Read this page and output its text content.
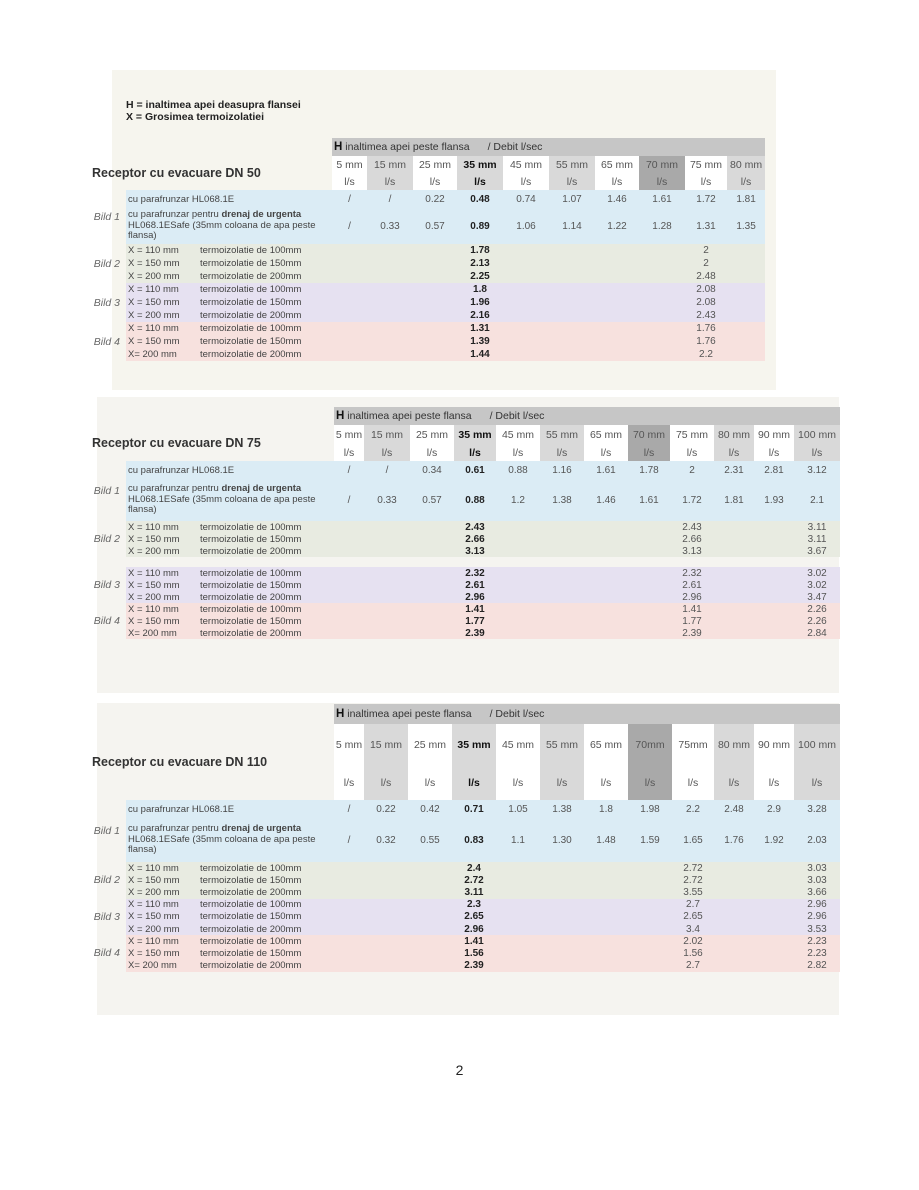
H = inaltimea apei deasupra flansei
X = Grosimea termoizolatiei
			H inaltimea apei peste flansa / Debit l/sec									
Receptor cu evacuare DN 50			5 mm	15 mm	25 mm	35 mm	45 mm	55 mm	65 mm	70 mm	75 mm	80 mm
			l/s	l/s	l/s	l/s	l/s	l/s	l/s	l/s	l/s	l/s
Bild 1	cu parafrunzar HL068.1E		/	/	0.22	0.48	0.74	1.07	1.46	1.61	1.72	1.81
	cu parafrunzar pentru drenaj de urgenta HL068.1ESafe (35mm coloana de apa peste flansa)		/	0.33	0.57	0.89	1.06	1.14	1.22	1.28	1.31	1.35
Bild 2	X = 110 mm	termoizolatie de 100mm				1.78					2	
	X = 150 mm	termoizolatie de 150mm				2.13					2	
	X = 200 mm	termoizolatie de 200mm				2.25					2.48	
Bild 3	X = 110 mm	termoizolatie de 100mm				1.8					2.08	
	X = 150 mm	termoizolatie de 150mm				1.96					2.08	
	X = 200 mm	termoizolatie de 200mm				2.16					2.43	
Bild 4	X = 110 mm	termoizolatie de 100mm				1.31					1.76	
	X = 150 mm	termoizolatie de 150mm				1.39					1.76	
	X= 200 mm	termoizolatie de 200mm				1.44					2.2	
			H inaltimea apei peste flansa / Debit l/sec											
Receptor cu evacuare DN 75			5 mm	15 mm	25 mm	35 mm	45 mm	55 mm	65 mm	70 mm	75 mm	80 mm	90 mm	100 mm
			l/s	l/s	l/s	l/s	l/s	l/s	l/s	l/s	l/s	l/s	l/s	l/s
Bild 1	cu parafrunzar HL068.1E		/	/	0.34	0.61	0.88	1.16	1.61	1.78	2	2.31	2.81	3.12
	cu parafrunzar pentru drenaj de urgenta HL068.1ESafe (35mm coloana de apa peste flansa)		/	0.33	0.57	0.88	1.2	1.38	1.46	1.61	1.72	1.81	1.93	2.1
Bild 2	X = 110 mm	termoizolatie de 100mm				2.43					2.43			3.11
	X = 150 mm	termoizolatie de 150mm				2.66					2.66			3.11
	X = 200 mm	termoizolatie de 200mm				3.13					3.13			3.67

Bild 3	X = 110 mm	termoizolatie de 100mm				2.32					2.32			3.02
	X = 150 mm	termoizolatie de 150mm				2.61					2.61			3.02
	X = 200 mm	termoizolatie de 200mm				2.96					2.96			3.47
Bild 4	X = 110 mm	termoizolatie de 100mm				1.41					1.41			2.26
	X = 150 mm	termoizolatie de 150mm				1.77					1.77			2.26
	X= 200 mm	termoizolatie de 200mm				2.39					2.39			2.84
			H inaltimea apei peste flansa / Debit l/sec											
Receptor cu evacuare DN 110			5 mm	15 mm	25 mm	35 mm	45 mm	55 mm	65 mm	70mm	75mm	80 mm	90 mm	100 mm
			l/s	l/s	l/s	l/s	l/s	l/s	l/s	l/s	l/s	l/s	l/s	l/s
Bild 1	cu parafrunzar HL068.1E		/	0.22	0.42	0.71	1.05	1.38	1.8	1.98	2.2	2.48	2.9	3.28
	cu parafrunzar pentru drenaj de urgenta HL068.1ESafe (35mm coloana de apa peste flansa)		/	0.32	0.55	0.83	1.1	1.30	1.48	1.59	1.65	1.76	1.92	2.03
Bild 2	X = 110 mm	termoizolatie de 100mm				2.4					2.72			3.03
	X = 150 mm	termoizolatie de 150mm				2.72					2.72			3.03
	X = 200 mm	termoizolatie de 200mm				3.11					3.55			3.66
Bild 3	X = 110 mm	termoizolatie de 100mm				2.3					2.7			2.96
	X = 150 mm	termoizolatie de 150mm				2.65					2.65			2.96
	X = 200 mm	termoizolatie de 200mm				2.96					3.4			3.53
Bild 4	X = 110 mm	termoizolatie de 100mm				1.41					2.02			2.23
	X = 150 mm	termoizolatie de 150mm				1.56					1.56			2.23
	X= 200 mm	termoizolatie de 200mm				2.39					2.7			2.82
2
